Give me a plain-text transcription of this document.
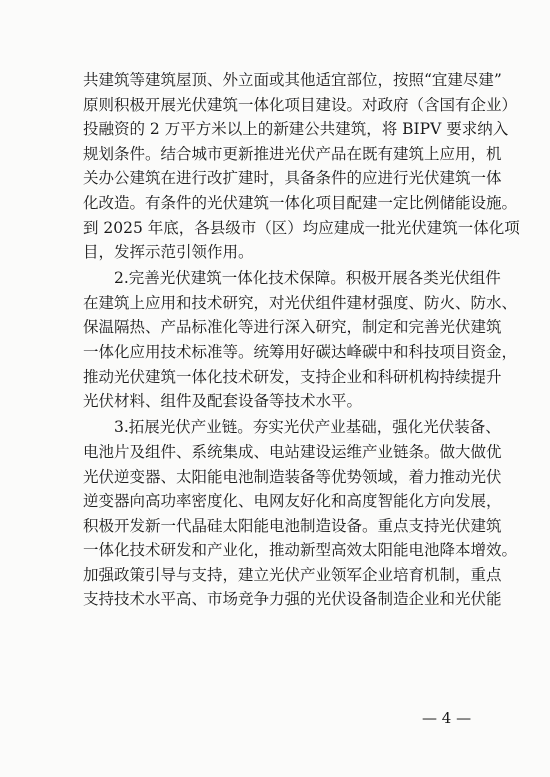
共建筑等建筑屋顶、外立面或其他适宜部位，按照“宜建尽建”
原则积极开展光伏建筑一体化项目建设。对政府（含国有企业）
投融资的 2 万平方米以上的新建公共建筑，将 BIPV 要求纳入
规划条件。结合城市更新推进光伏产品在既有建筑上应用，机
关办公建筑在进行改扩建时，具备条件的应进行光伏建筑一体
化改造。有条件的光伏建筑一体化项目配建一定比例储能设施。
到 2025 年底，各县级市（区）均应建成一批光伏建筑一体化项
目，发挥示范引领作用。
2.完善光伏建筑一体化技术保障。积极开展各类光伏组件
在建筑上应用和技术研究，对光伏组件建材强度、防火、防水、
保温隔热、产品标准化等进行深入研究，制定和完善光伏建筑
一体化应用技术标准等。统筹用好碳达峰碳中和科技项目资金，
推动光伏建筑一体化技术研发，支持企业和科研机构持续提升
光伏材料、组件及配套设备等技术水平。
3.拓展光伏产业链。夯实光伏产业基础，强化光伏装备、
电池片及组件、系统集成、电站建设运维产业链条。做大做优
光伏逆变器、太阳能电池制造装备等优势领域，着力推动光伏
逆变器向高功率密度化、电网友好化和高度智能化方向发展，
积极开发新一代晶硅太阳能电池制造设备。重点支持光伏建筑
一体化技术研发和产业化，推动新型高效太阳能电池降本增效。
加强政策引导与支持，建立光伏产业领军企业培育机制，重点
支持技术水平高、市场竞争力强的光伏设备制造企业和光伏能
— 4 —
